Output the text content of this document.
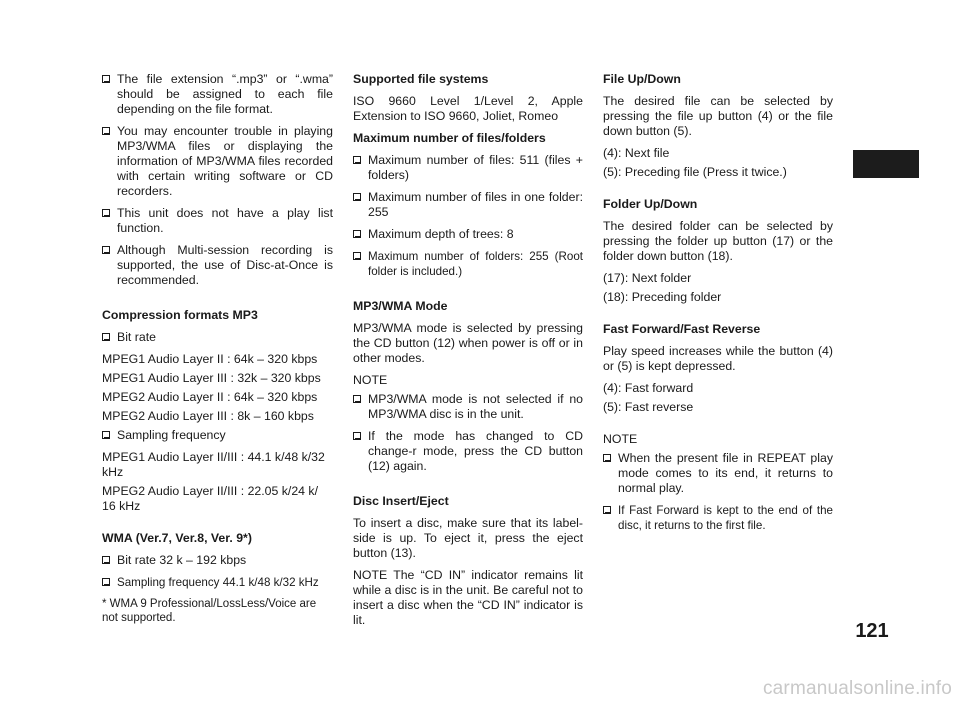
The file extension “.mp3” or “.wma” should be assigned to each file depending on the file format.
You may encounter trouble in playing MP3/WMA files or displaying the information of MP3/WMA files recorded with certain writing software or CD recorders.
This unit does not have a play list function.
Although Multi-session recording is supported, the use of Disc-at-Once is recommended.
Compression formats MP3
Bit rate
MPEG1 Audio Layer II : 64k – 320 kbps
MPEG1 Audio Layer III : 32k – 320 kbps
MPEG2 Audio Layer II : 64k – 320 kbps
MPEG2 Audio Layer III : 8k – 160 kbps
Sampling frequency
MPEG1 Audio Layer II/III : 44.1 k/48 k/32 kHz
MPEG2 Audio Layer II/III : 22.05 k/24 k/ 16 kHz
WMA (Ver.7, Ver.8, Ver. 9*)
Bit rate 32 k – 192 kbps
Sampling frequency 44.1 k/48 k/32 kHz
* WMA 9 Professional/LossLess/Voice are not supported.
Supported file systems
ISO 9660 Level 1/Level 2, Apple Extension to ISO 9660, Joliet, Romeo
Maximum number of files/folders
Maximum number of files: 511 (files + folders)
Maximum number of files in one folder: 255
Maximum depth of trees: 8
Maximum number of folders: 255 (Root folder is included.)
MP3/WMA Mode
MP3/WMA mode is selected by pressing the CD button (12) when power is off or in other modes.
NOTE
MP3/WMA mode is not selected if no MP3/WMA disc is in the unit.
If the mode has changed to CD change-r mode, press the CD button (12) again.
Disc Insert/Eject
To insert a disc, make sure that its label-side is up. To eject it, press the eject button (13).
NOTE The “CD IN” indicator remains lit while a disc is in the unit. Be careful not to insert a disc when the “CD IN” indicator is lit.
File Up/Down
The desired file can be selected by pressing the file up button (4) or the file down button (5).
(4): Next file
(5): Preceding file (Press it twice.)
Folder Up/Down
The desired folder can be selected by pressing the folder up button (17) or the folder down button (18).
(17): Next folder
(18): Preceding folder
Fast Forward/Fast Reverse
Play speed increases while the button (4) or (5) is kept depressed.
(4): Fast forward
(5): Fast reverse
NOTE
When the present file in REPEAT play mode comes to its end, it returns to normal play.
If Fast Forward is kept to the end of the disc, it returns to the first file.
121
carmanualsonline.info
